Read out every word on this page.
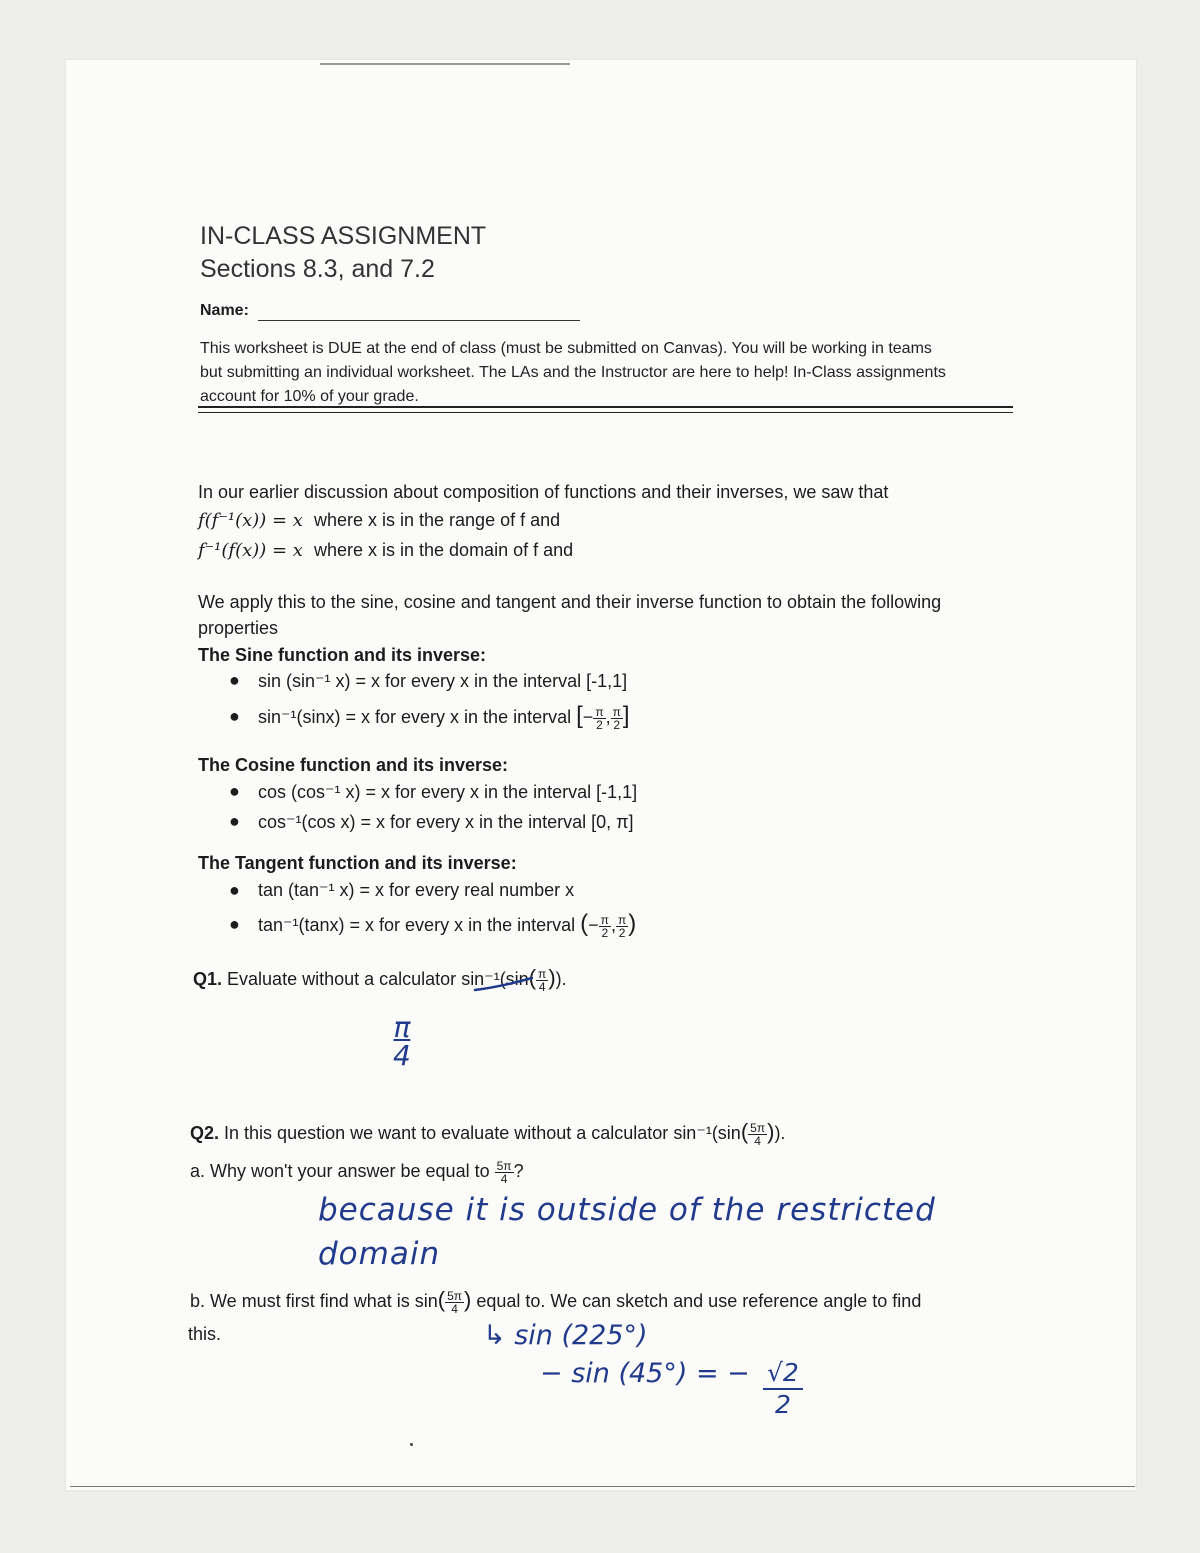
IN-CLASS ASSIGNMENT
Sections 8.3, and 7.2
Name:
This worksheet is DUE at the end of class (must be submitted on Canvas). You will be working in teams
but submitting an individual worksheet. The LAs and the Instructor are here to help! In-Class assignments
account for 10% of your grade.
In our earlier discussion about composition of functions and their inverses, we saw that
f(f⁻¹(x)) = x where x is in the range of f and
f⁻¹(f(x)) = x where x is in the domain of f and
We apply this to the sine, cosine and tangent and their inverse function to obtain the following
properties
The Sine function and its inverse:
● sin (sin⁻¹ x) = x for every x in the interval [-1,1]
● sin⁻¹(sinx) = x for every x in the interval [− $\frac{\pi}{2}$ , $\frac{\pi}{2}$ ]
The Cosine function and its inverse:
● cos (cos⁻¹ x) = x for every x in the interval [-1,1]
● cos⁻¹(cos x) = x for every x in the interval [0, π]
The Tangent function and its inverse:
● tan (tan⁻¹ x) = x for every real number x
● tan⁻¹(tanx) = x for every x in the interval (− $\frac{\pi}{2}$ , $\frac{\pi}{2}$ )
Q1. Evaluate without a calculator $\sin^{-1}(\sin( \frac{\pi}{4}$ )).
π
4
Q2. In this question we want to evaluate without a calculator $\sin^{-1}(\sin( \frac{5\pi}{4}$ )).
a. Why won't your answer be equal to $\frac{5\pi}{4}$ ?
because it is outside of the restricted
domain
b. We must first find what is $\sin( \frac{5\pi}{4}$ ) equal to. We can sketch and use reference angle to find
this.	↳ sin (225°)
− sin (45°) = − √2
2
